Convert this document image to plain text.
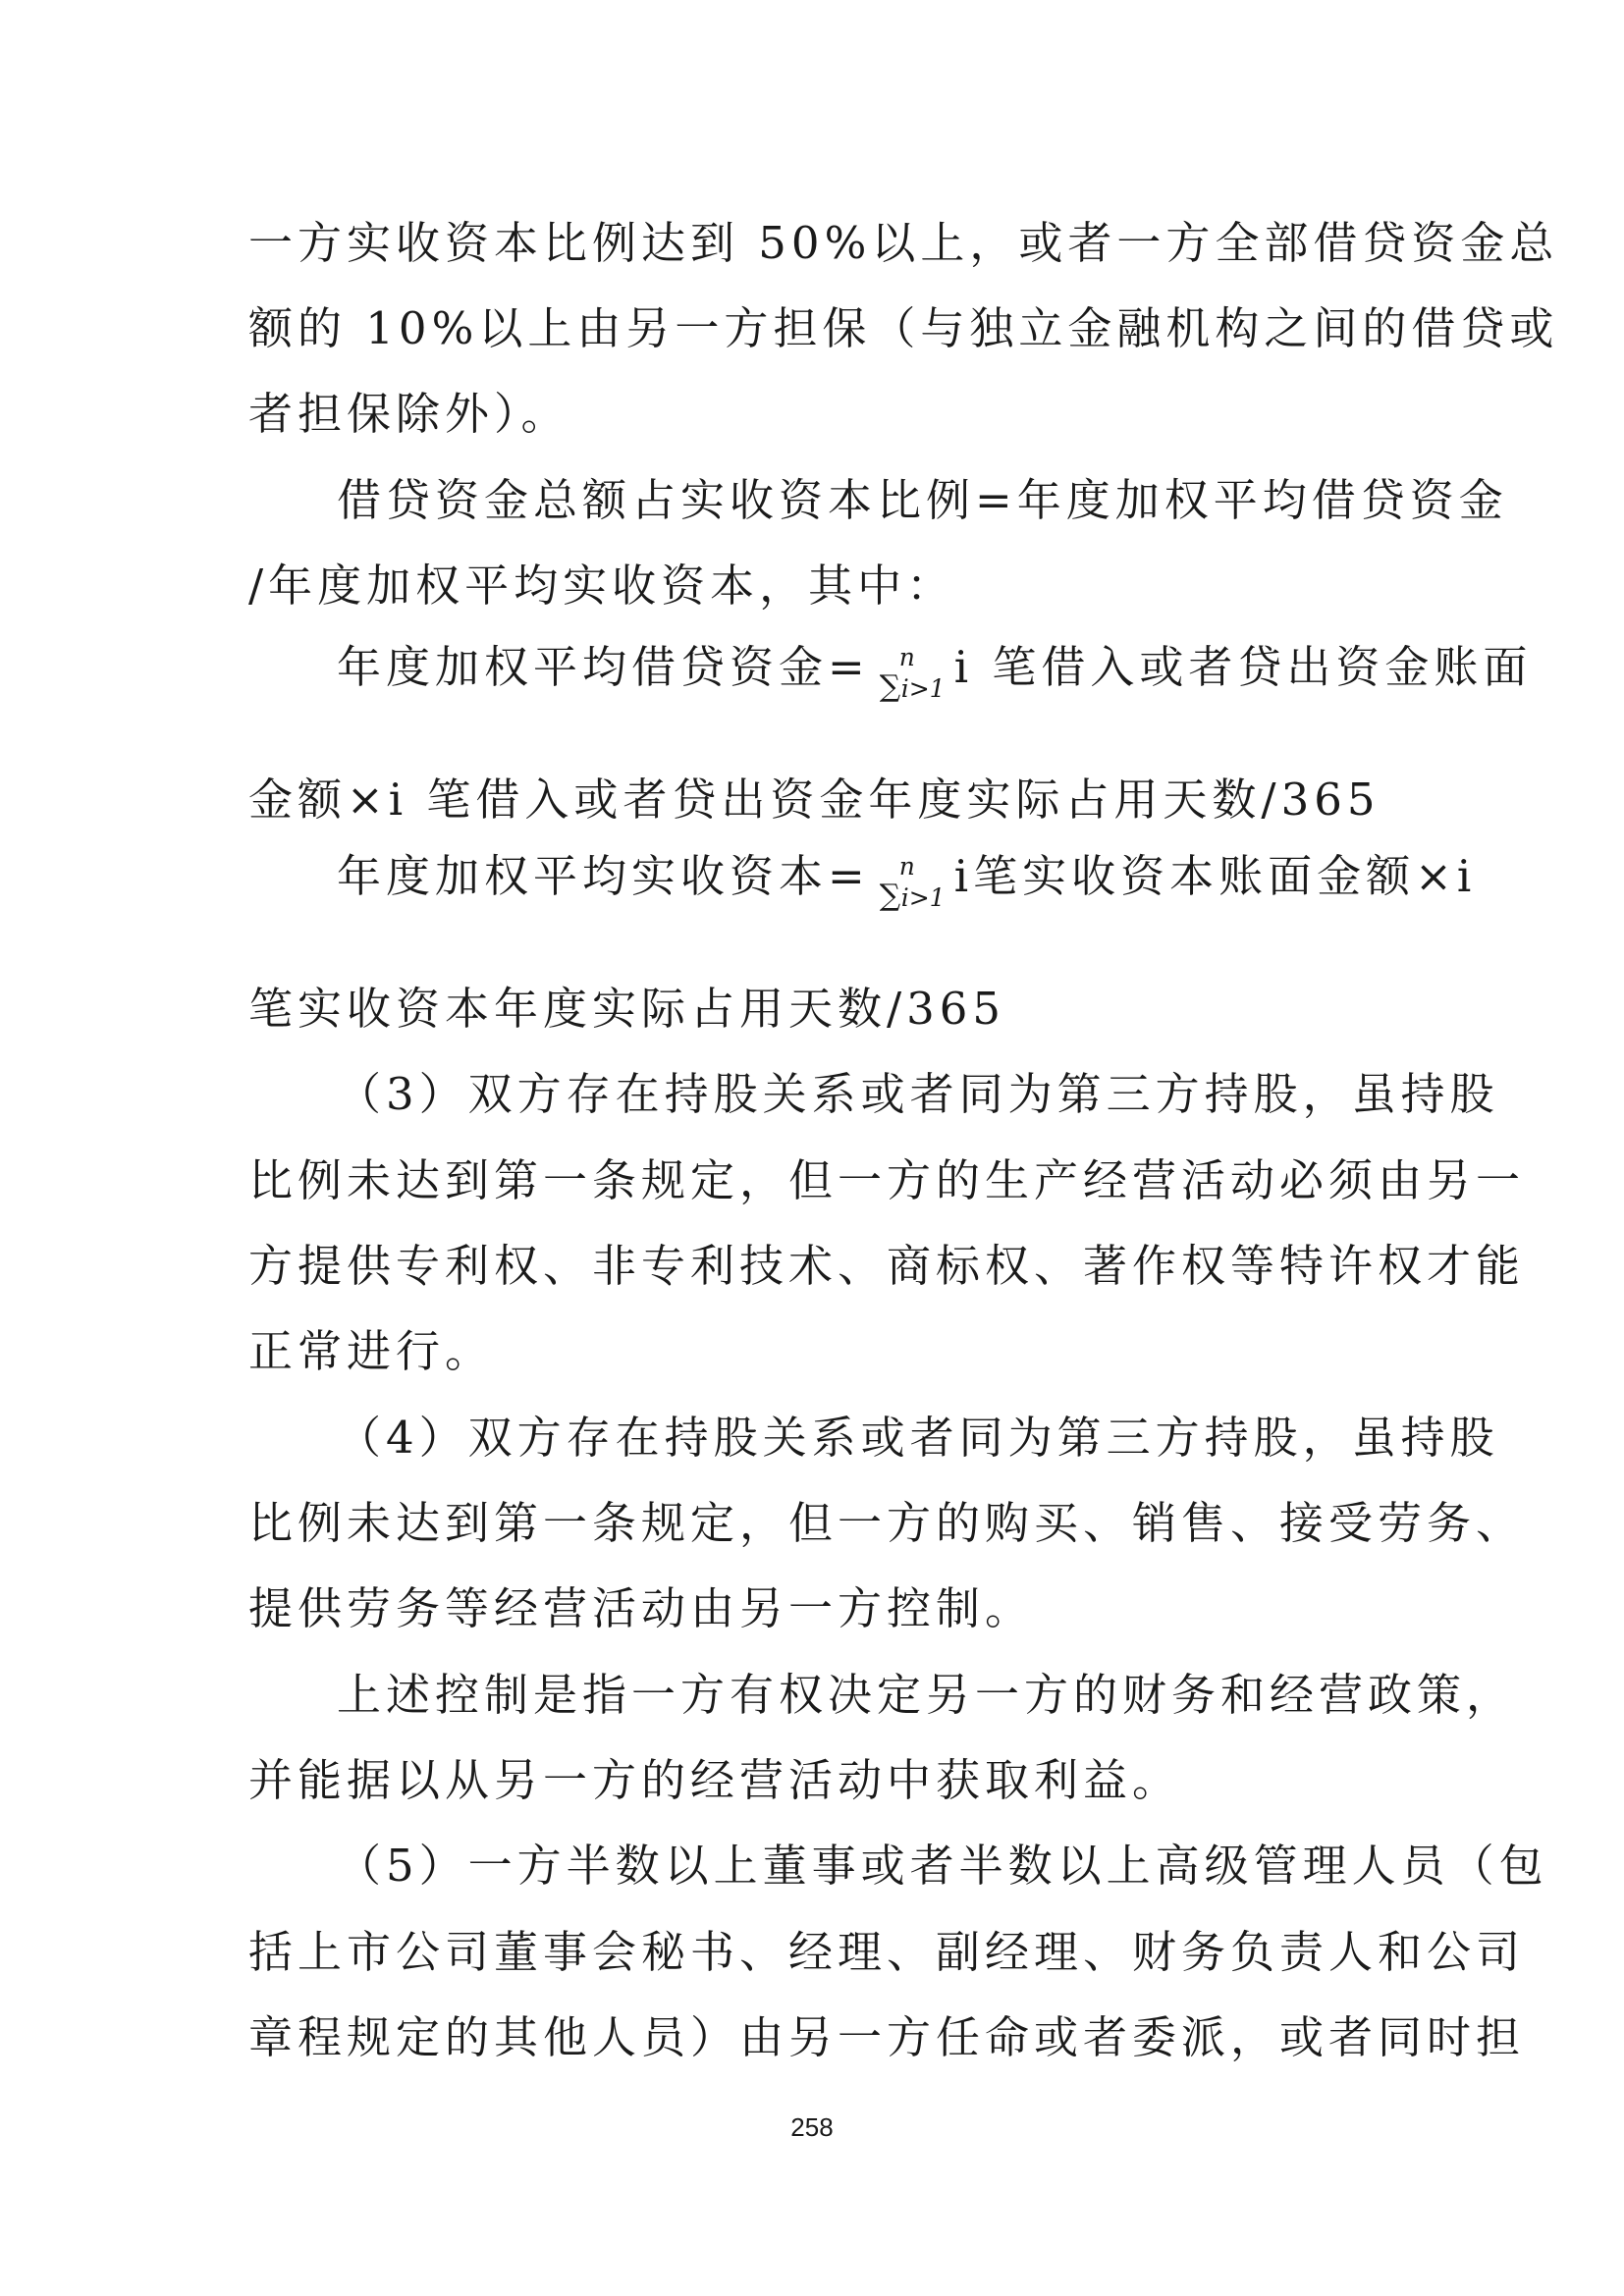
一方实收资本比例达到 50%以上，或者一方全部借贷资金总
额的 10%以上由另一方担保（与独立金融机构之间的借贷或
者担保除外）。
借贷资金总额占实收资本比例=年度加权平均借贷资金
/年度加权平均实收资本，其中：
年度加权平均借贷资金= n
∑ i>1 i 笔借入或者贷出资金账面
金额×i 笔借入或者贷出资金年度实际占用天数/365
年度加权平均实收资本= n
∑ i>1 i笔实收资本账面金额×i
笔实收资本年度实际占用天数/365
（3）双方存在持股关系或者同为第三方持股，虽持股
比例未达到第一条规定，但一方的生产经营活动必须由另一
方提供专利权、非专利技术、商标权、著作权等特许权才能
正常进行。
（4）双方存在持股关系或者同为第三方持股，虽持股
比例未达到第一条规定，但一方的购买、销售、接受劳务、
提供劳务等经营活动由另一方控制。
上述控制是指一方有权决定另一方的财务和经营政策，
并能据以从另一方的经营活动中获取利益。
（5）一方半数以上董事或者半数以上高级管理人员（包
括上市公司董事会秘书、经理、副经理、财务负责人和公司
章程规定的其他人员）由另一方任命或者委派，或者同时担
258
